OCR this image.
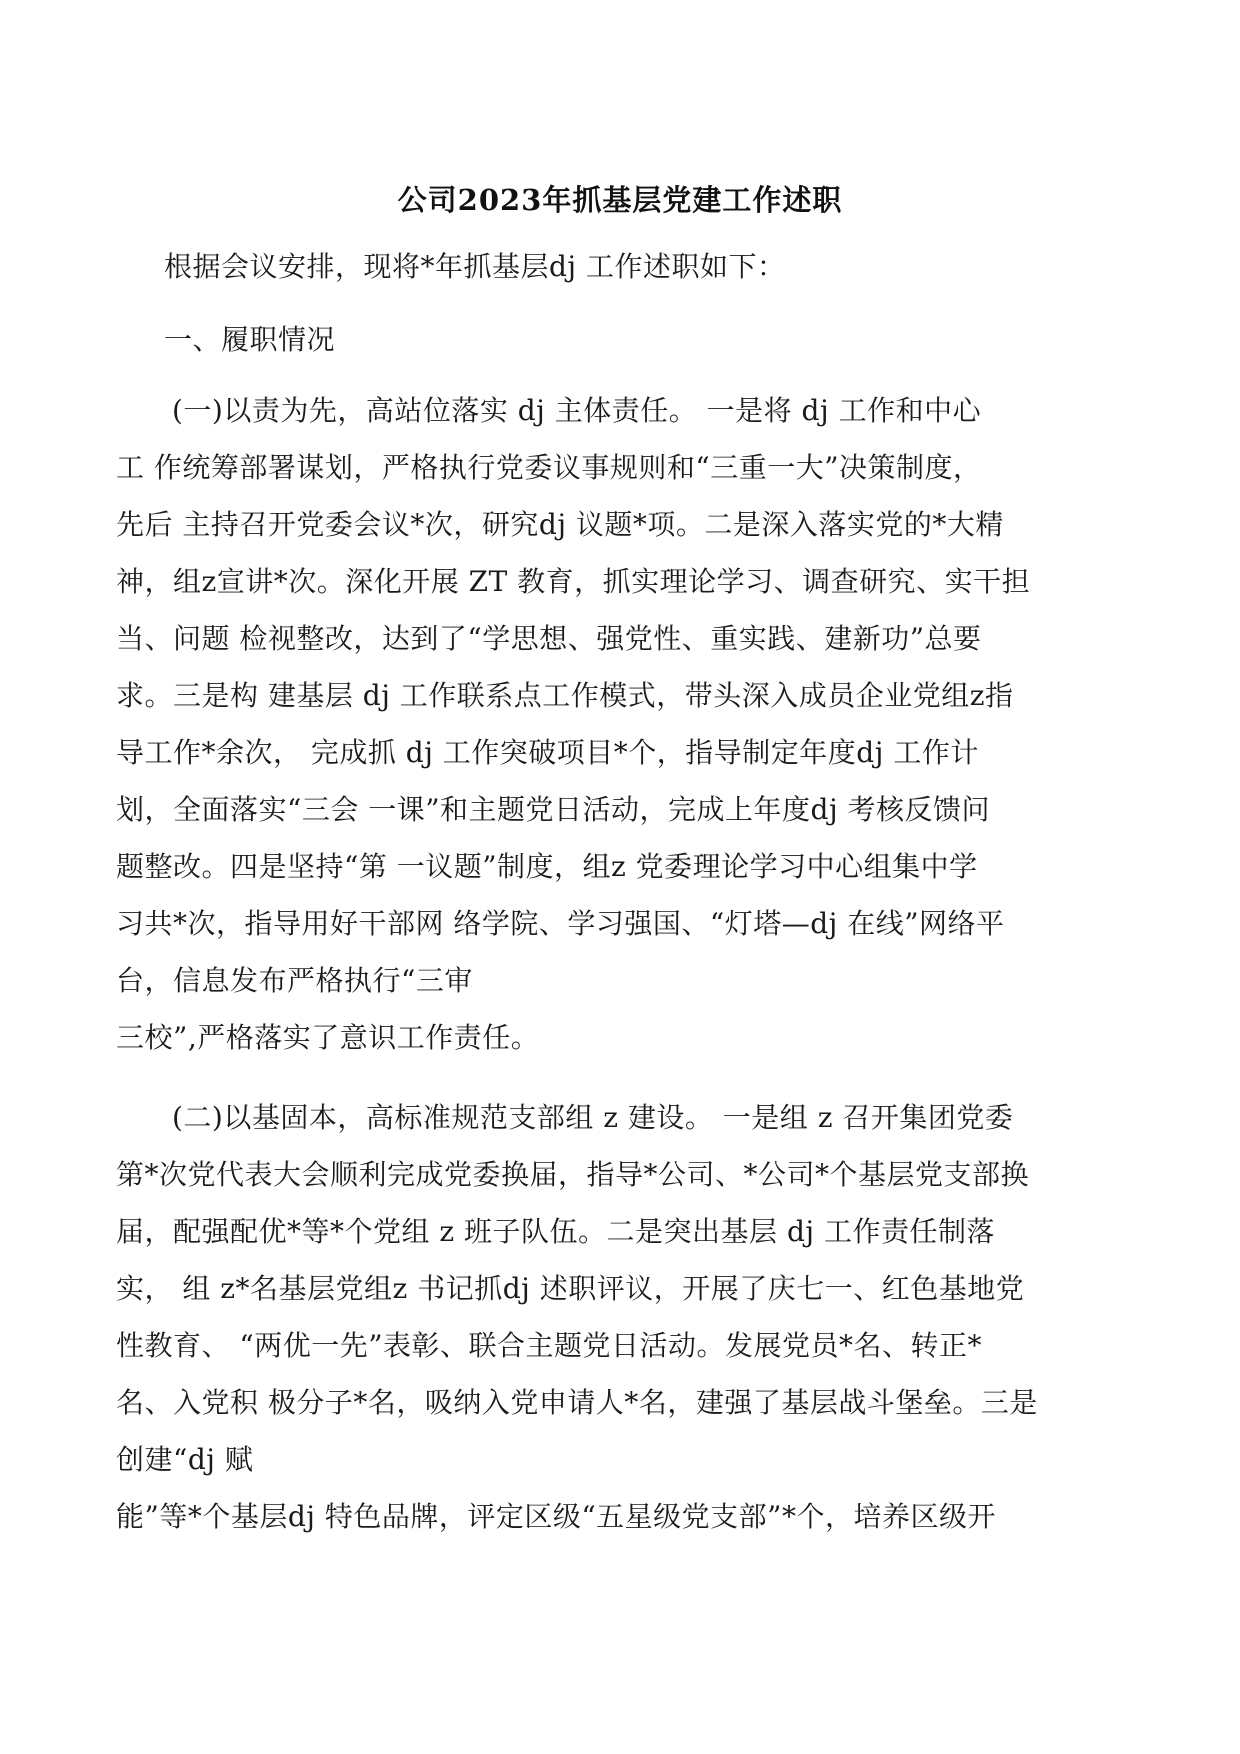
公司2023年抓基层党建工作述职
根据会议安排，现将*年抓基层dj 工作述职如下：
一、履职情况
(一)以责为先，高站位落实 dj 主体责任。 一是将 dj 工作和中心
工 作统筹部署谋划，严格执行党委议事规则和“三重一大”决策制度，
先后 主持召开党委会议*次，研究dj 议题*项。二是深入落实党的*大精
神，组z宣讲*次。深化开展 ZT 教育，抓实理论学习、调查研究、实干担
当、问题 检视整改，达到了“学思想、强党性、重实践、建新功”总要
求。三是构 建基层 dj 工作联系点工作模式，带头深入成员企业党组z指
导工作*余次， 完成抓 dj 工作突破项目*个，指导制定年度dj 工作计
划，全面落实“三会 一课”和主题党日活动，完成上年度dj 考核反馈问
题整改。四是坚持“第 一议题”制度，组z 党委理论学习中心组集中学
习共*次，指导用好干部网 络学院、学习强国、“灯塔—dj 在线”网络平
台，信息发布严格执行“三审
三校”,严格落实了意识工作责任。
(二)以基固本，高标准规范支部组 z 建设。 一是组 z 召开集团党委
第*次党代表大会顺利完成党委换届，指导*公司、*公司*个基层党支部换
届，配强配优*等*个党组 z 班子队伍。二是突出基层 dj 工作责任制落
实， 组 z*名基层党组z 书记抓dj 述职评议，开展了庆七一、红色基地党
性教育、 “两优一先”表彰、联合主题党日活动。发展党员*名、转正*
名、入党积 极分子*名，吸纳入党申请人*名，建强了基层战斗堡垒。三是
创建“dj 赋
能”等*个基层dj 特色品牌，评定区级“五星级党支部”*个，培养区级开
